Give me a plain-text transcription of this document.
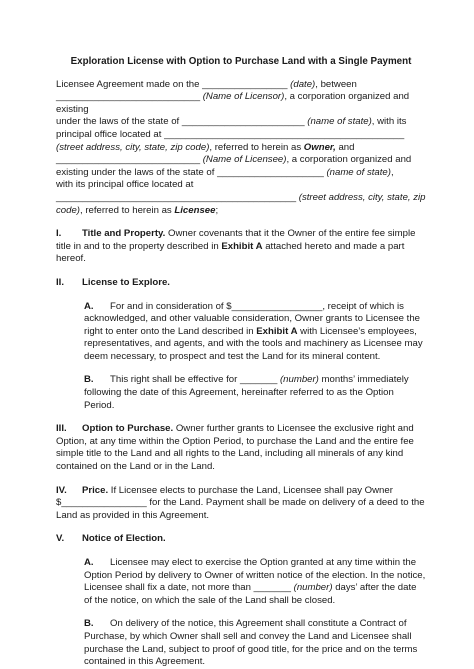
Exploration License with Option to Purchase Land with a Single Payment

Licensee Agreement made on the ________________ (date), between
___________________________ (Name of Licensor), a corporation organized and existing
under the laws of the state of _______________________ (name of state), with its
principal office located at _____________________________________________
(street address, city, state, zip code), referred to herein as Owner, and
___________________________ (Name of Licensee), a corporation organized and
existing under the laws of the state of ____________________ (name of state),
with its principal office located at
_____________________________________________ (street address, city, state, zip
code), referred to herein as Licensee;

I. Title and Property. Owner covenants that it the Owner of the entire fee simple title in and to the property described in Exhibit A attached hereto and made a part hereof.

II. License to Explore.

A. For and in consideration of $_________________, receipt of which is acknowledged, and other valuable consideration, Owner grants to Licensee the right to enter onto the Land described in Exhibit A with Licensee’s employees, representatives, and agents, and with the tools and machinery as Licensee may deem necessary, to prospect and test the Land for its mineral content.

B. This right shall be effective for _______ (number) months’ immediately following the date of this Agreement, hereinafter referred to as the Option Period.

III. Option to Purchase. Owner further grants to Licensee the exclusive right and Option, at any time within the Option Period, to purchase the Land and the entire fee simple title to the Land and all rights to the Land, including all minerals of any kind contained on the Land or in the Land.

IV. Price. If Licensee elects to purchase the Land, Licensee shall pay Owner $________________ for the Land. Payment shall be made on delivery of a deed to the Land as provided in this Agreement.

V. Notice of Election.

A. Licensee may elect to exercise the Option granted at any time within the Option Period by delivery to Owner of written notice of the election. In the notice, Licensee shall fix a date, not more than _______ (number) days’ after the date of the notice, on which the sale of the Land shall be closed.

B. On delivery of the notice, this Agreement shall constitute a Contract of Purchase, by which Owner shall sell and convey the Land and Licensee shall purchase the Land, subject to proof of good title, for the price and on the terms contained in this Agreement.
